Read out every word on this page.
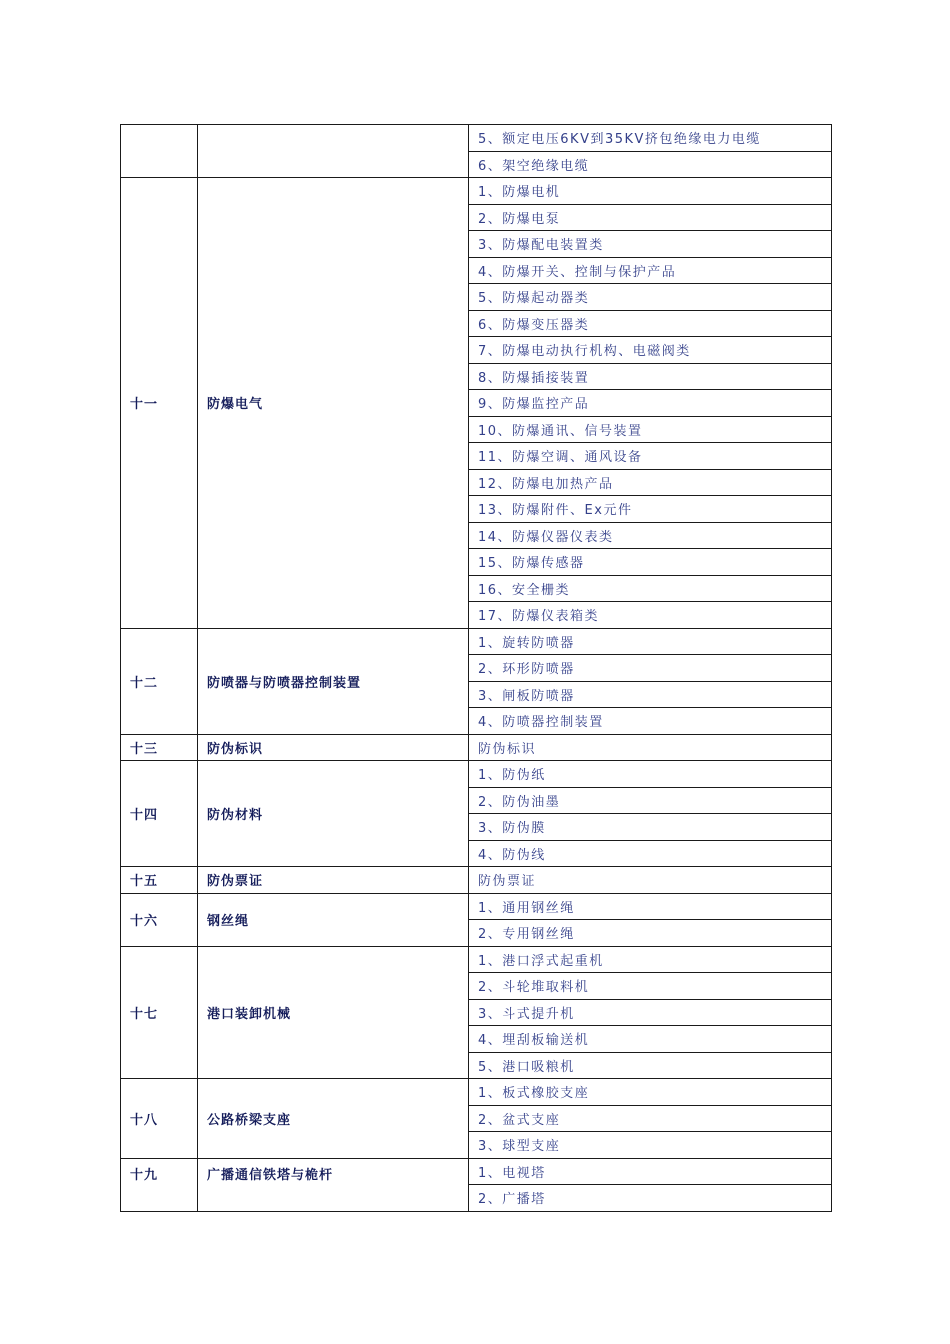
		5、额定电压6KV到35KV挤包绝缘电力电缆
		6、架空绝缘电缆
十一	防爆电气	1、防爆电机
		2、防爆电泵
		3、防爆配电装置类
		4、防爆开关、控制与保护产品
		5、防爆起动器类
		6、防爆变压器类
		7、防爆电动执行机构、电磁阀类
		8、防爆插接装置
		9、防爆监控产品
		10、防爆通讯、信号装置
		11、防爆空调、通风设备
		12、防爆电加热产品
		13、防爆附件、Ex元件
		14、防爆仪器仪表类
		15、防爆传感器
		16、安全栅类
		17、防爆仪表箱类
十二	防喷器与防喷器控制装置	1、旋转防喷器
		2、环形防喷器
		3、闸板防喷器
		4、防喷器控制装置
十三	防伪标识	防伪标识
十四	防伪材料	1、防伪纸
		2、防伪油墨
		3、防伪膜
		4、防伪线
十五	防伪票证	防伪票证
十六	钢丝绳	1、通用钢丝绳
		2、专用钢丝绳
十七	港口装卸机械	1、港口浮式起重机
		2、斗轮堆取料机
		3、斗式提升机
		4、埋刮板输送机
		5、港口吸粮机
十八	公路桥梁支座	1、板式橡胶支座
		2、盆式支座
		3、球型支座
十九	广播通信铁塔与桅杆	1、电视塔
		2、广播塔
